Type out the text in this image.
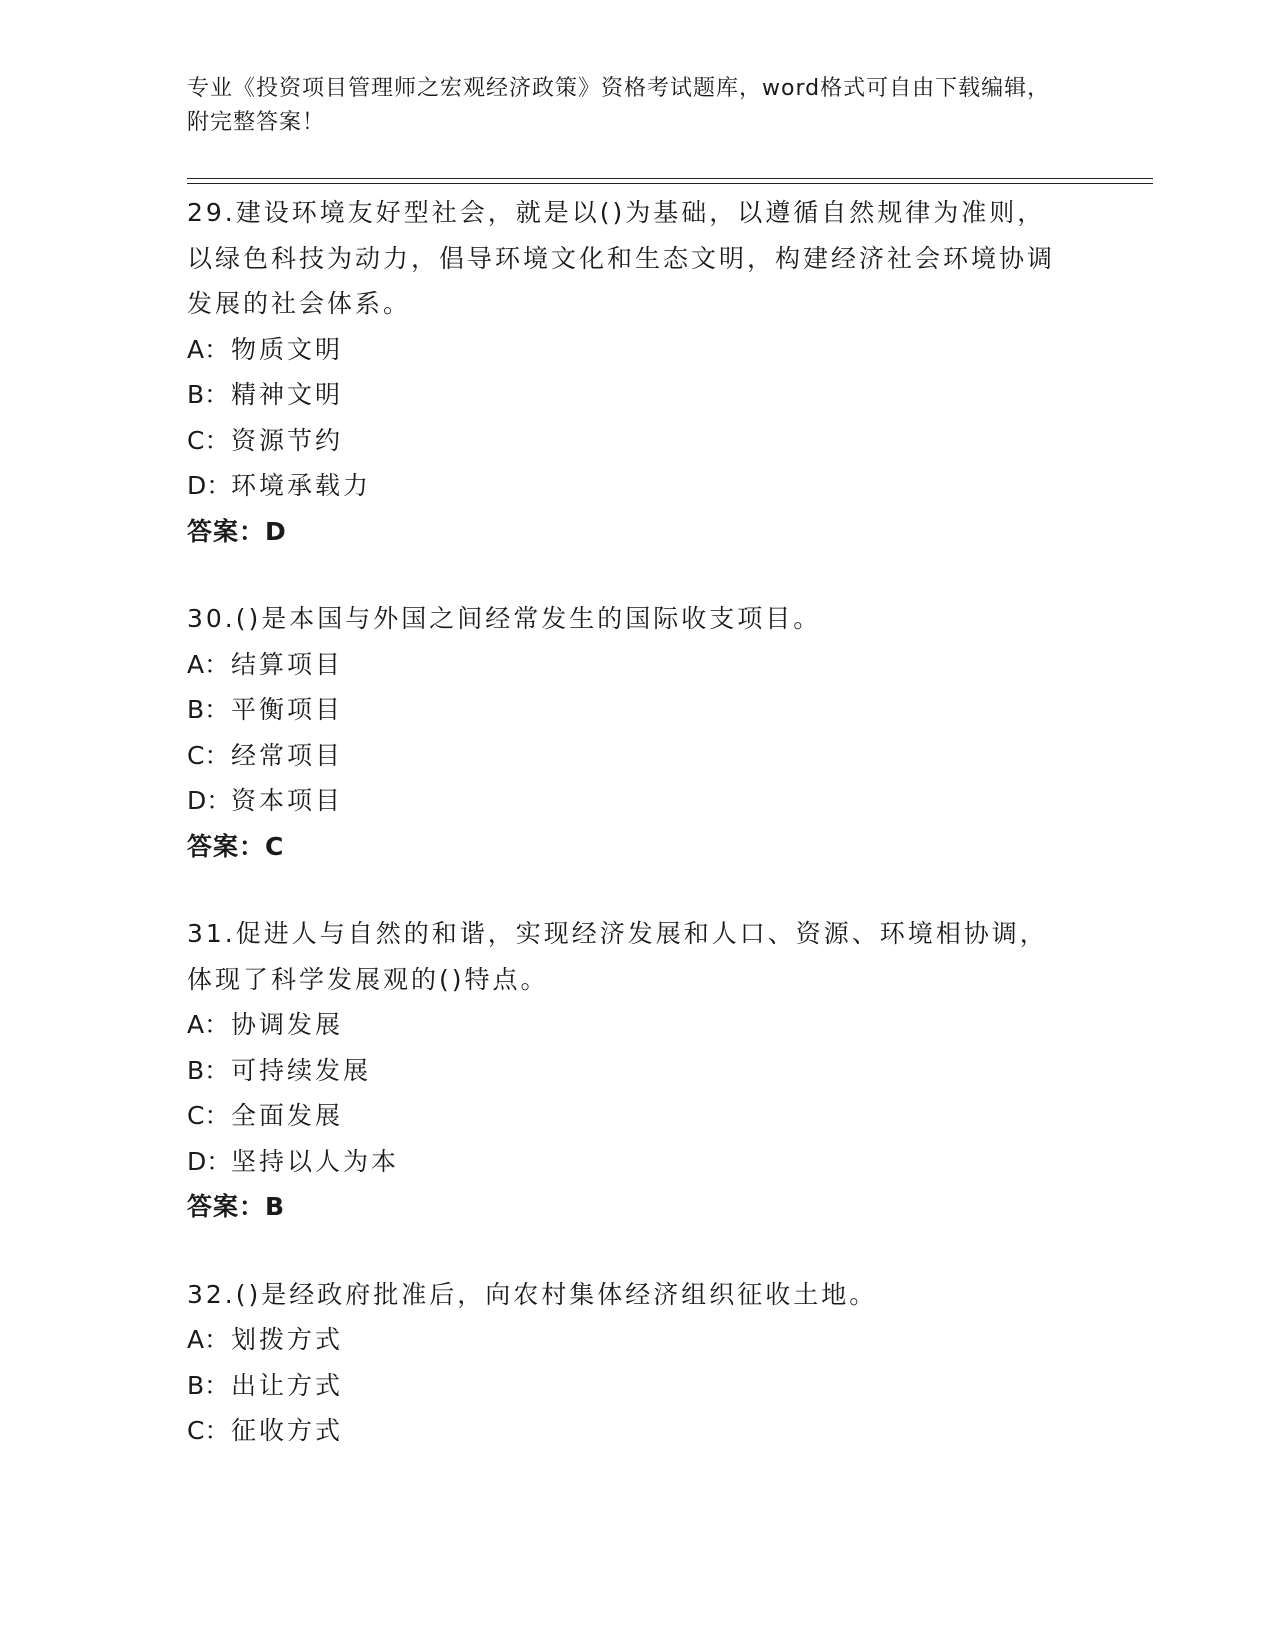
专业《投资项目管理师之宏观经济政策》资格考试题库，word格式可自由下载编辑，附完整答案！

29.建设环境友好型社会，就是以()为基础，以遵循自然规律为准则，以绿色科技为动力，倡导环境文化和生态文明，构建经济社会环境协调发展的社会体系。

A：物质文明

B：精神文明

C：资源节约

D：环境承载力

答案：D

30.()是本国与外国之间经常发生的国际收支项目。

A：结算项目

B：平衡项目

C：经常项目

D：资本项目

答案：C

31.促进人与自然的和谐，实现经济发展和人口、资源、环境相协调，体现了科学发展观的()特点。

A：协调发展

B：可持续发展

C：全面发展

D：坚持以人为本

答案：B

32.()是经政府批准后，向农村集体经济组织征收土地。

A：划拨方式

B：出让方式

C：征收方式
